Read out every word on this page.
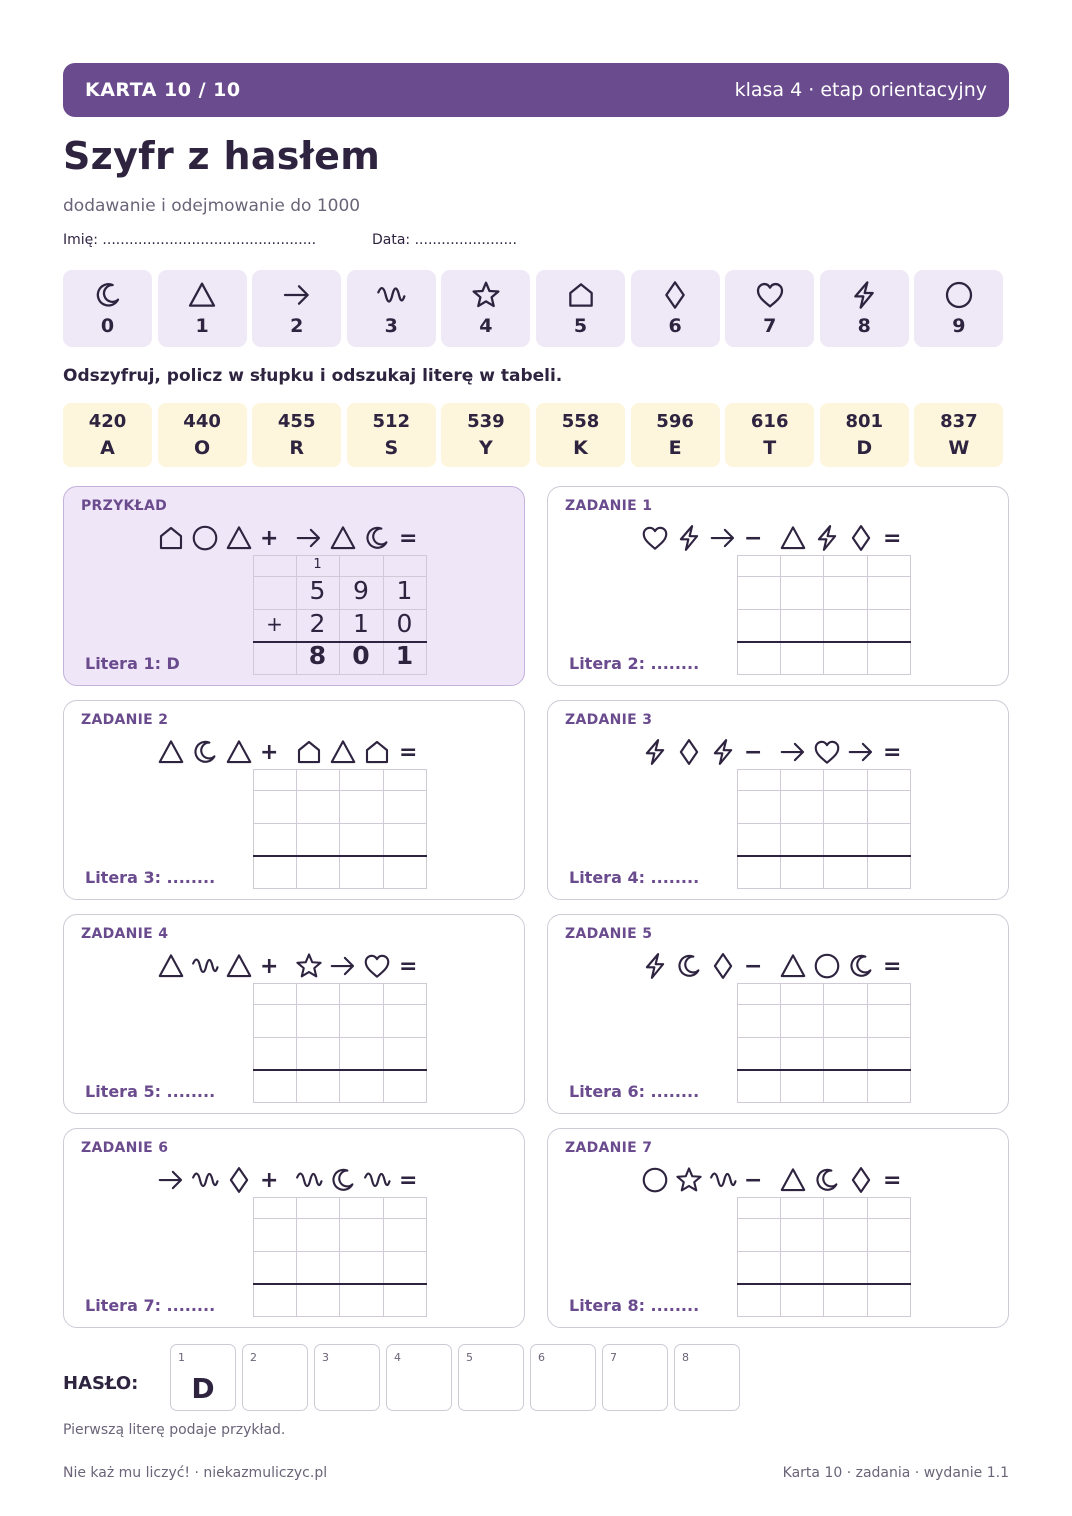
KARTA 10 / 10	klasa 4 · etap orientacyjny
Szyfr z hasłem
dodawanie i odejmowanie do 1000
Imię: ................................................	Data: .......................
0	1	2	3	4	5	6	7	8	9
Odszyfruj, policz w słupku i odszukaj literę w tabeli.
420
A
440
O
455
R
512
S
539
Y
558
K
596
E
616
T
801
D
837
W
PRZYKŁAD
+	=
1
5	9	1
+	2	1	0
8	0	1
Litera 1: D
ZADANIE 1
−	=
Litera 2: ........
ZADANIE 2
+	=
Litera 3: ........
ZADANIE 3
−	=
Litera 4: ........
ZADANIE 4
+	=
Litera 5: ........
ZADANIE 5
−	=
Litera 6: ........
ZADANIE 6
+	=
Litera 7: ........
ZADANIE 7
−	=
Litera 8: ........
HASŁO:
1
D
2	3	4	5	6	7	8
Pierwszą literę podaje przykład.
Nie każ mu liczyć! · niekazmuliczyc.pl	Karta 10 · zadania · wydanie 1.1
